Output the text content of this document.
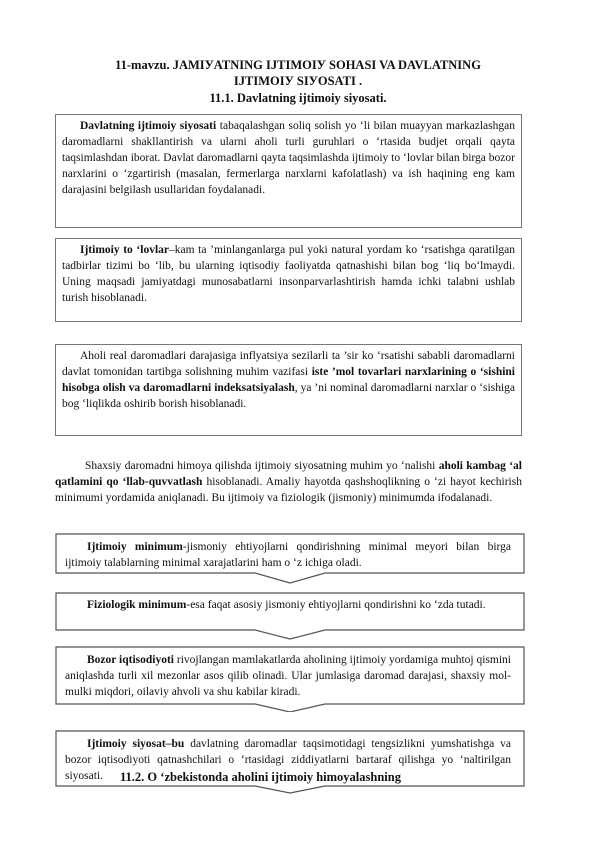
11-mavzu. JAMIУATNING IJTIMOIУ SOHASI VA DAVLATNING
IJTIMOIУ SIУOSATI .
11.1. Davlatning ijtimoiy siyosati.
Davlatning ijtimoiy siyosati tabaqalashgan soliq solish yo ‘li bilan muayyan markazlashgan daromadlarni shakllantirish va ularni aholi turli guruhlari o ‘rtasida budjet orqali qayta taqsimlashdan iborat. Davlat daromadlarni qayta taqsimlashda ijtimoiy to ‘lovlar bilan birga bozor narxlarini o ‘zgartirish (masalan, fermerlarga narxlarni kafolatlash) va ish haqining eng kam darajasini belgilash usullaridan foydalanadi.
Ijtimoiy to ‘lovlar–kam ta ’minlanganlarga pul yoki natural yordam ko ‘rsatishga qaratilgan tadbirlar tizimi bo ‘lib, bu ularning iqtisodiy faoliyatda qatnashishi bilan bog ‘liq bo‘lmaydi. Uning maqsadi jamiyatdagi munosabatlarni insonparvarlashtirish hamda ichki talabni ushlab turish hisoblanadi.
Aholi real daromadlari darajasiga inflyatsiya sezilarli ta ’sir ko ‘rsatishi sababli daromadlarni davlat tomonidan tartibga solishning muhim vazifasi iste ’mol tovarlari narxlarining o ‘sishini hisobga olish va daromadlarni indeksatsiyalash, ya ’ni nominal daromadlarni narxlar o ‘sishiga bog ‘liqlikda oshirib borish hisoblanadi.
Shaxsiy daromadni himoya qilishda ijtimoiy siyosatning muhim yo ‘nalishi aholi kambag ‘al qatlamini qo ‘llab-quvvatlash hisoblanadi. Amaliy hayotda qashshoqlikning o ‘zi hayot kechirish minimumi yordamida aniqlanadi. Bu ijtimoiy va fiziologik (jismoniy) minimumda ifodalanadi.
Ijtimoiy minimum-jismoniy ehtiyojlarni qondirishning minimal meyori bilan birga ijtimoiy talablarning minimal xarajatlarini ham o ‘z ichiga oladi.
Fiziologik minimum-esa faqat asosiy jismoniy ehtiyojlarni qondirishni ko ‘zda tutadi.
Bozor iqtisodiyoti rivojlangan mamlakatlarda aholining ijtimoiy yordamiga muhtoj qismini aniqlashda turli xil mezonlar asos qilib olinadi. Ular jumlasiga daromad darajasi, shaxsiy mol-mulki miqdori, oilaviy ahvoli va shu kabilar kiradi.
Ijtimoiy siyosat–bu davlatning daromadlar taqsimotidagi tengsizlikni yumshatishga va bozor iqtisodiyoti qatnashchilari o ‘rtasidagi ziddiyatlarni bartaraf qilishga yo ‘naltirilgan siyosati.	11.2. O ‘zbekistonda aholini ijtimoiy himoyalashning
